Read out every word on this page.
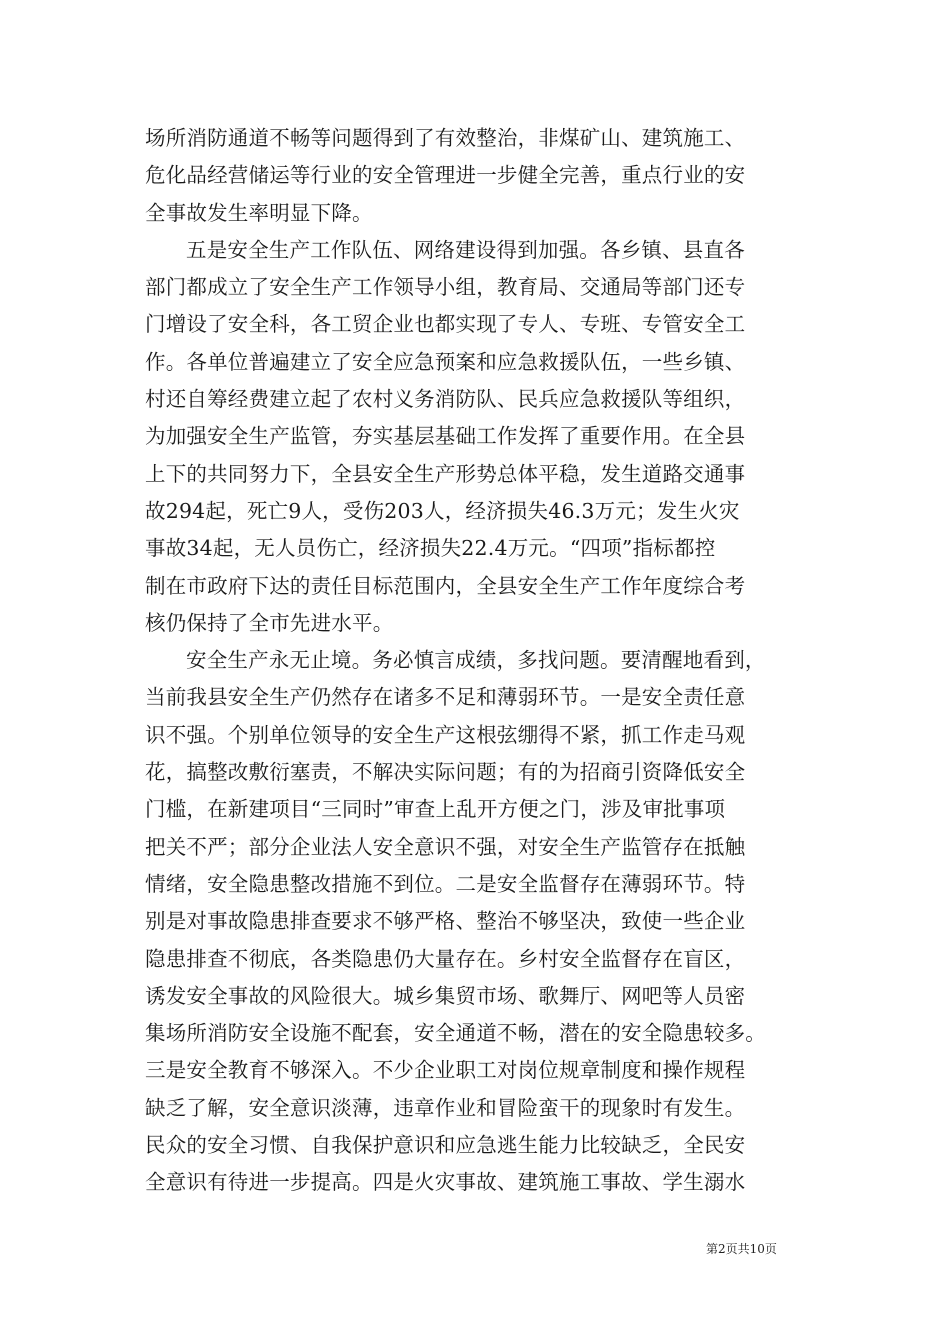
场所消防通道不畅等问题得到了有效整治，非煤矿山、建筑施工、
危化品经营储运等行业的安全管理进一步健全完善，重点行业的安
全事故发生率明显下降。
五是安全生产工作队伍、网络建设得到加强。各乡镇、县直各
部门都成立了安全生产工作领导小组，教育局、交通局等部门还专
门增设了安全科，各工贸企业也都实现了专人、专班、专管安全工
作。各单位普遍建立了安全应急预案和应急救援队伍，一些乡镇、
村还自筹经费建立起了农村义务消防队、民兵应急救援队等组织，
为加强安全生产监管，夯实基层基础工作发挥了重要作用。在全县
上下的共同努力下，全县安全生产形势总体平稳，发生道路交通事
故294起，死亡9人，受伤203人，经济损失46.3万元；发生火灾
事故34起，无人员伤亡，经济损失22.4万元。“四项”指标都控
制在市政府下达的责任目标范围内，全县安全生产工作年度综合考
核仍保持了全市先进水平。
安全生产永无止境。务必慎言成绩，多找问题。要清醒地看到，
当前我县安全生产仍然存在诸多不足和薄弱环节。一是安全责任意
识不强。个别单位领导的安全生产这根弦绷得不紧，抓工作走马观
花，搞整改敷衍塞责，不解决实际问题；有的为招商引资降低安全
门槛，在新建项目“三同时”审查上乱开方便之门，涉及审批事项
把关不严；部分企业法人安全意识不强，对安全生产监管存在抵触
情绪，安全隐患整改措施不到位。二是安全监督存在薄弱环节。特
别是对事故隐患排查要求不够严格、整治不够坚决，致使一些企业
隐患排查不彻底，各类隐患仍大量存在。乡村安全监督存在盲区，
诱发安全事故的风险很大。城乡集贸市场、歌舞厅、网吧等人员密
集场所消防安全设施不配套，安全通道不畅，潜在的安全隐患较多。
三是安全教育不够深入。不少企业职工对岗位规章制度和操作规程
缺乏了解，安全意识淡薄，违章作业和冒险蛮干的现象时有发生。
民众的安全习惯、自我保护意识和应急逃生能力比较缺乏，全民安
全意识有待进一步提高。四是火灾事故、建筑施工事故、学生溺水
第2页共10页
